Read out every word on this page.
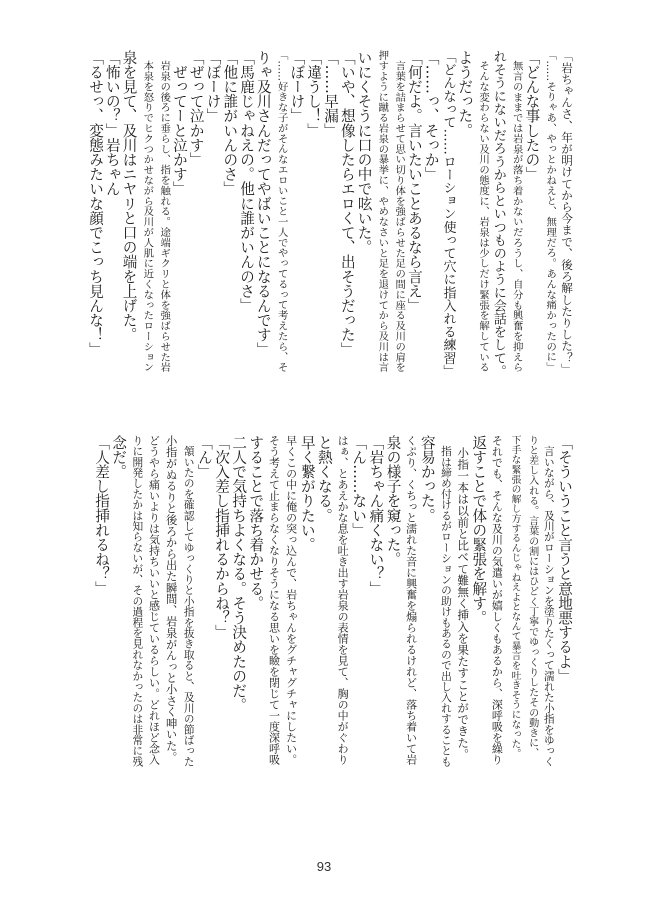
「岩ちゃんさ、年が明けてから今まで、後ろ解したりした？」
「……そりゃあ、やっとかねえと、無理だろ。あんな痛かったのに」
「どんな事したの」
　無言のままでは岩泉が落ち着かないだろうし、自分も興奮を抑えら
れそうにないだろうからといつものように会話をして。
　そんな変わらない及川の態度に、岩泉は少しだけ緊張を解している
ようだった。
「どんなって……ローション使って穴に指入れる練習」
「……っ、そっか」
「何だよ。言いたいことあるなら言え」
　言葉を詰まらせて思い切り体を強ばらせた足の間に座る及川の肩を
押すように蹴る岩泉の暴挙に、やめなさいと足を退けてから及川は言
いにくそうに口の中で呟いた。
「いや、想像したらエロくて、出そうだった」
「……早漏」
「違うし！」
「ぼーけ」
「……好きな子がそんなエロいこと一人でやってるって考えたら、そ
りゃ及川さんだってやばいことになるんです」
「馬鹿じゃねえの。他に誰がいんのさ」
「他に誰がいんのさ」
「ぼーけ」
「ぜって泣かす」
　ぜってーと泣かす」
　岩泉の後ろに垂らし、指を触れる。途端ギクリと体を強ばらせた岩
　本泉を怒りでヒクつかせながら及川が人肌に近くなったローション
泉を見て、及川はニヤリと口の端を上げた。
「怖いの？」岩ちゃん
「るせっ、変態みたいな顔でこっち見んな！」
「そういうこと言うと意地悪するよ」
　言いながら、及川がローションを塗りたくって濡れた小指をゆっく
りと差し入れる。言葉の割にはひどく丁寧でゆっくりしたその動きに、
下手な緊張の解し方するんじゃねえよとなんて暴言を吐きそうになった。
それでも、そんな及川の気遣いが嬉しくもあるから、深呼吸を繰り
返すことで体の緊張を解す。
　小指一本は以前と比べて難無く挿入を果たすことができた。
　指は締め付けるがローションの助けもあるので出し入れすることも
容易かった。
くぷり、くちっと濡れた音に興奮を煽られるけれど、落ち着いて岩
泉の様子を窺った。
「岩ちゃん痛くない？」
「ん……ない」
はぁ、とあえかな息を吐き出す岩泉の表情を見て、胸の中がぐわり
と熱くなる。
早く繋がりたい。
早くこの中に俺の突っ込んで、岩ちゃんをグチャグチャにしたい。
そう考えて止まらなくなりそうになる思いを瞼を閉じて一度深呼吸
することで落ち着かせる。
二人で気持ちよくなる。そう決めたのだ。
「次入差し指挿れるからね？」
「ん」
　頷いたのを確認してゆっくりと小指を抜き取ると、及川の節ばった
小指がぬるりと後ろから出た瞬間、岩泉がんっと小さく呻いた。
どうやら痛いよりは気持ちいいと感じているらしい。どれほど念入
りに開発したかは知らないが、その過程を見れなかったのは非常に残
念だ。
「人差し指挿れるね？」
93
